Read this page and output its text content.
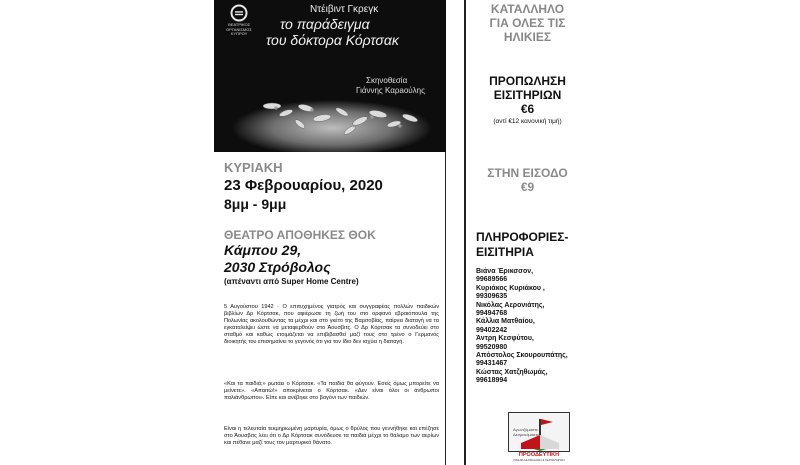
ΘΕΑΤΡΙΚΟΣ
ΟΡΓΑΝΙΣΜΟΣ
ΚΥΠΡΟΥ
Ντέιβιντ Γκρεγκ
το παράδειγμα
του δόκτορα Κόρτσακ
Σκηνοθεσία
Γιάννης Καρaούλης
ΚΥΡΙΑΚΗ
23 Φεβρουαρίου, 2020
8μμ - 9μμ
ΘΕΑΤΡΟ ΑΠΟΘΗΚΕΣ ΘΟΚ
Κάμπου 29,
2030 Στρόβολος
(απέναντι από Super Home Centre)
5 Αυγούστου 1942 · Ο επιτυχημένος γιατρός και συγγραφέας πολλών παιδικών βιβλίων Δρ Κόρτσακ, που αφιέρωσε τη ζωή του στο ορφανό εβραιόπουλα της Πολωνίας ακολουθώντας τα μέχρι και στο γκέτο της Βαρσοβίας, παίρνει διαταγή να τα εγκαταλείψει ώστε να μεταφερθούν στο Άουσβιτς. Ο Δρ Κόρτσακ τα συνοδεύει στο σταθμό και καθώς ετοιμάζεται να επιβιβασθεί μαζί τους στο τρένο ο Γερμανός διοικητής του επισημαίνει το γεγονός ότι για τον ίδιο δεν ισχύει η διαταγή.
«Και τα παιδιά;» ρωτάει ο Κόρτσακ. «Τα παιδιά θα φύγουν. Εσείς όμως μπορείτε να μείνετε». «Απαιτώ!» αποκρίνεται ο Κόρτσακ. «Δεν είναι όλοι οι άνθρωποι παλιάνθρωποι». Είπε και ανέβηκε στο βαγόνι των παιδιών.
Είναι η τελευταία τεκμηριωμένη μαρτυρία, όμως ο θρύλος που γεννήθηκε και επέζησε στο Άουσβιτς λέει ότι ο Δρ Κόρτσακ συνόδευσε τα παιδιά μέχρι το θάλαμο των αερίων και πέθανε μαζί τους τον μαρτυρικό θάνατο.
ΚΑΤΑΛΛΗΛΟ
ΓΙΑ ΟΛΕΣ ΤΙΣ
ΗΛΙΚΙΕΣ
ΠΡΟΠΩΛΗΣΗ
ΕΙΣΙΤΗΡΙΩΝ
€6
(αντί €12 κανονική τιμή)
ΣΤΗΝ ΕΙΣΟΔΟ
€9
ΠΛΗΡΟΦΟΡΙΕΣ-
ΕΙΣΙΤΗΡΙΑ
Βιάνα Έρικσσον,
99689566
Κυριάκος Κυριάκου ,
99309635
Νικόλας Αερονιάτης,
99494768
Κάλλια Ματθαίου,
99402242
Άντρη Κεσφύτου,
99520980
Απόστολος Σκουρουπάτης,
99431467
Κώστας Χατζηθωμάς,
99618994
Αγωνιζόμαστε... Δεσμευόμαστε...
ΠΡΟΟΔΕΥΤΙΚΗ
ΚΙΝΗΣΗ ΔΑΣΚΑΛΩΝ & ΝΗΠΙΑΓΩΓΩΝ
